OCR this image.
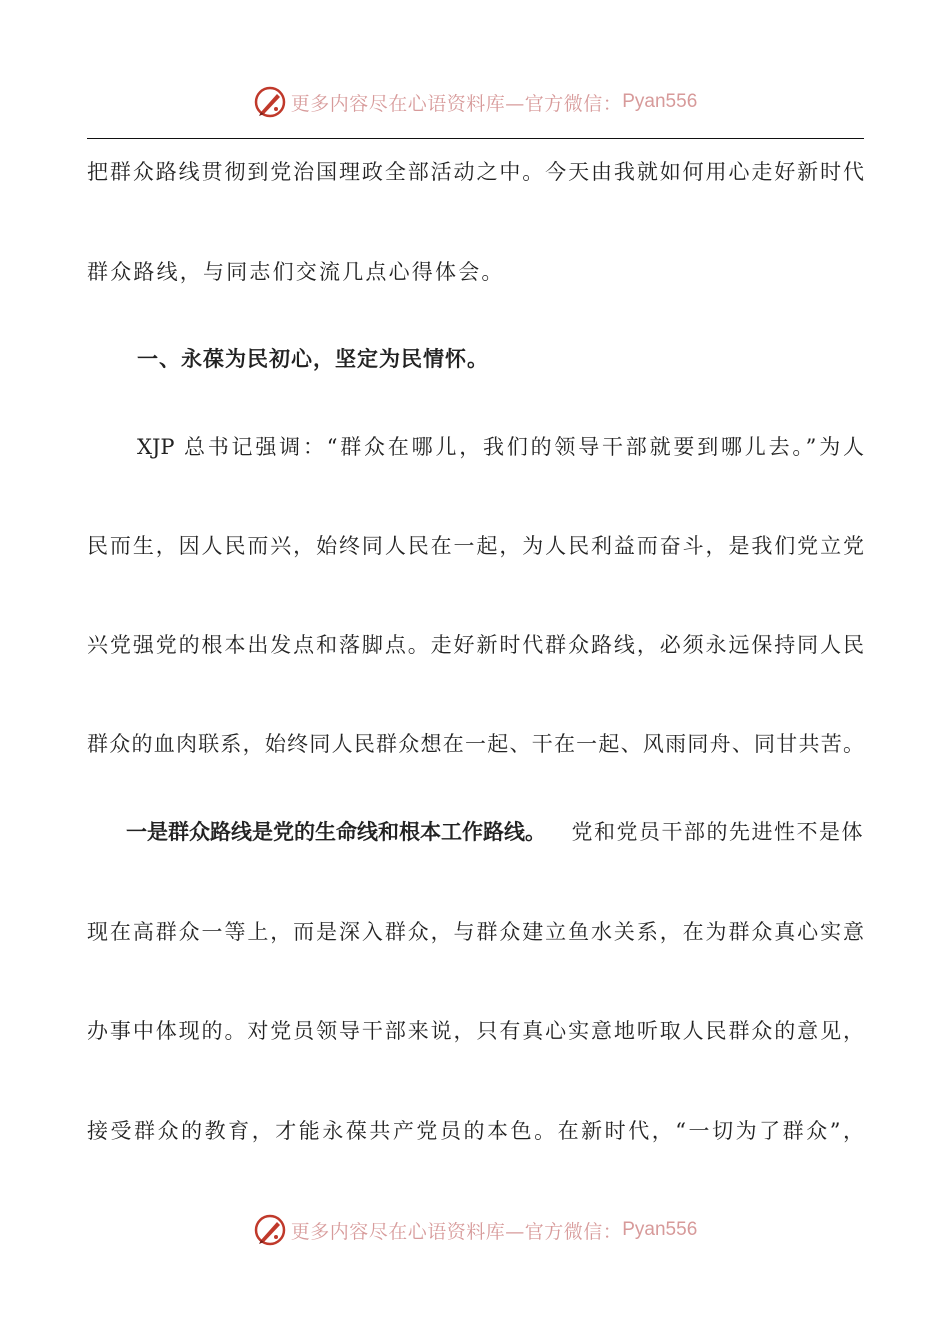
更多内容尽在心语资料库—官方微信： Pyan556
把群众路线贯彻到党治国理政全部活动之中。今天由我就如何用心走好新时代
群众路线，与同志们交流几点心得体会。
一、永葆为民初心，坚定为民情怀。
XJP 总书记强调：“群众在哪儿，我们的领导干部就要到哪儿去。”为人
民而生，因人民而兴，始终同人民在一起，为人民利益而奋斗，是我们党立党
兴党强党的根本出发点和落脚点。走好新时代群众路线，必须永远保持同人民
群众的血肉联系，始终同人民群众想在一起、干在一起、风雨同舟、同甘共苦。
一是群众路线是党的生命线和根本工作路线。 党和党员干部的先进性不是体
现在高群众一等上，而是深入群众，与群众建立鱼水关系，在为群众真心实意
办事中体现的。对党员领导干部来说，只有真心实意地听取人民群众的意见，
接受群众的教育，才能永葆共产党员的本色。在新时代，“一切为了群众”，
更多内容尽在心语资料库—官方微信： Pyan556
